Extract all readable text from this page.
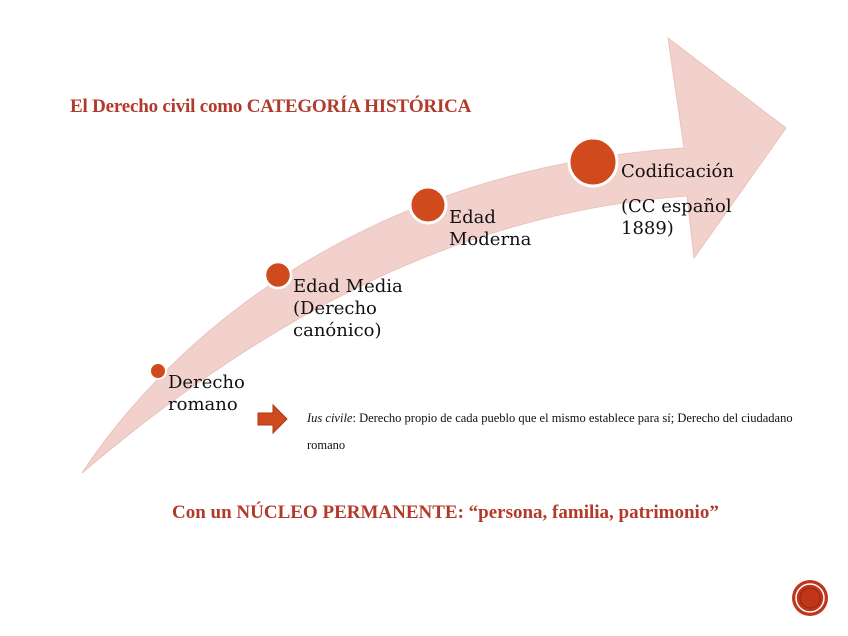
El Derecho civil como CATEGORÍA HISTÓRICA
Derecho
romano
Edad Media
(Derecho
canónico)
Edad
Moderna
Codificación
(CC español
1889)
Ius civile: Derecho propio de cada pueblo que el mismo establece para sí; Derecho del ciudadano romano
Con un NÚCLEO PERMANENTE: “persona, familia, patrimonio”
